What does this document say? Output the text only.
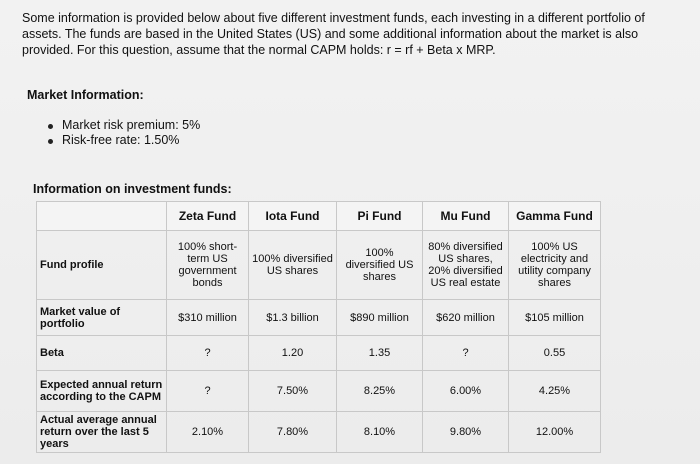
Some information is provided below about five different investment funds, each investing in a different portfolio of assets. The funds are based in the United States (US) and some additional information about the market is also provided. For this question, assume that the normal CAPM holds: r = rf + Beta x MRP.
Market Information:
Market risk premium: 5%
Risk-free rate: 1.50%
Information on investment funds:
	Zeta Fund	Iota Fund	Pi Fund	Mu Fund	Gamma Fund
Fund profile	100% short-term US government bonds	100% diversified US shares	100% diversified US shares	80% diversified US shares, 20% diversified US real estate	100% US electricity and utility company shares
Market value of portfolio	$310 million	$1.3 billion	$890 million	$620 million	$105 million
Beta	?	1.20	1.35	?	0.55
Expected annual return according to the CAPM	?	7.50%	8.25%	6.00%	4.25%
Actual average annual return over the last 5 years	2.10%	7.80%	8.10%	9.80%	12.00%
